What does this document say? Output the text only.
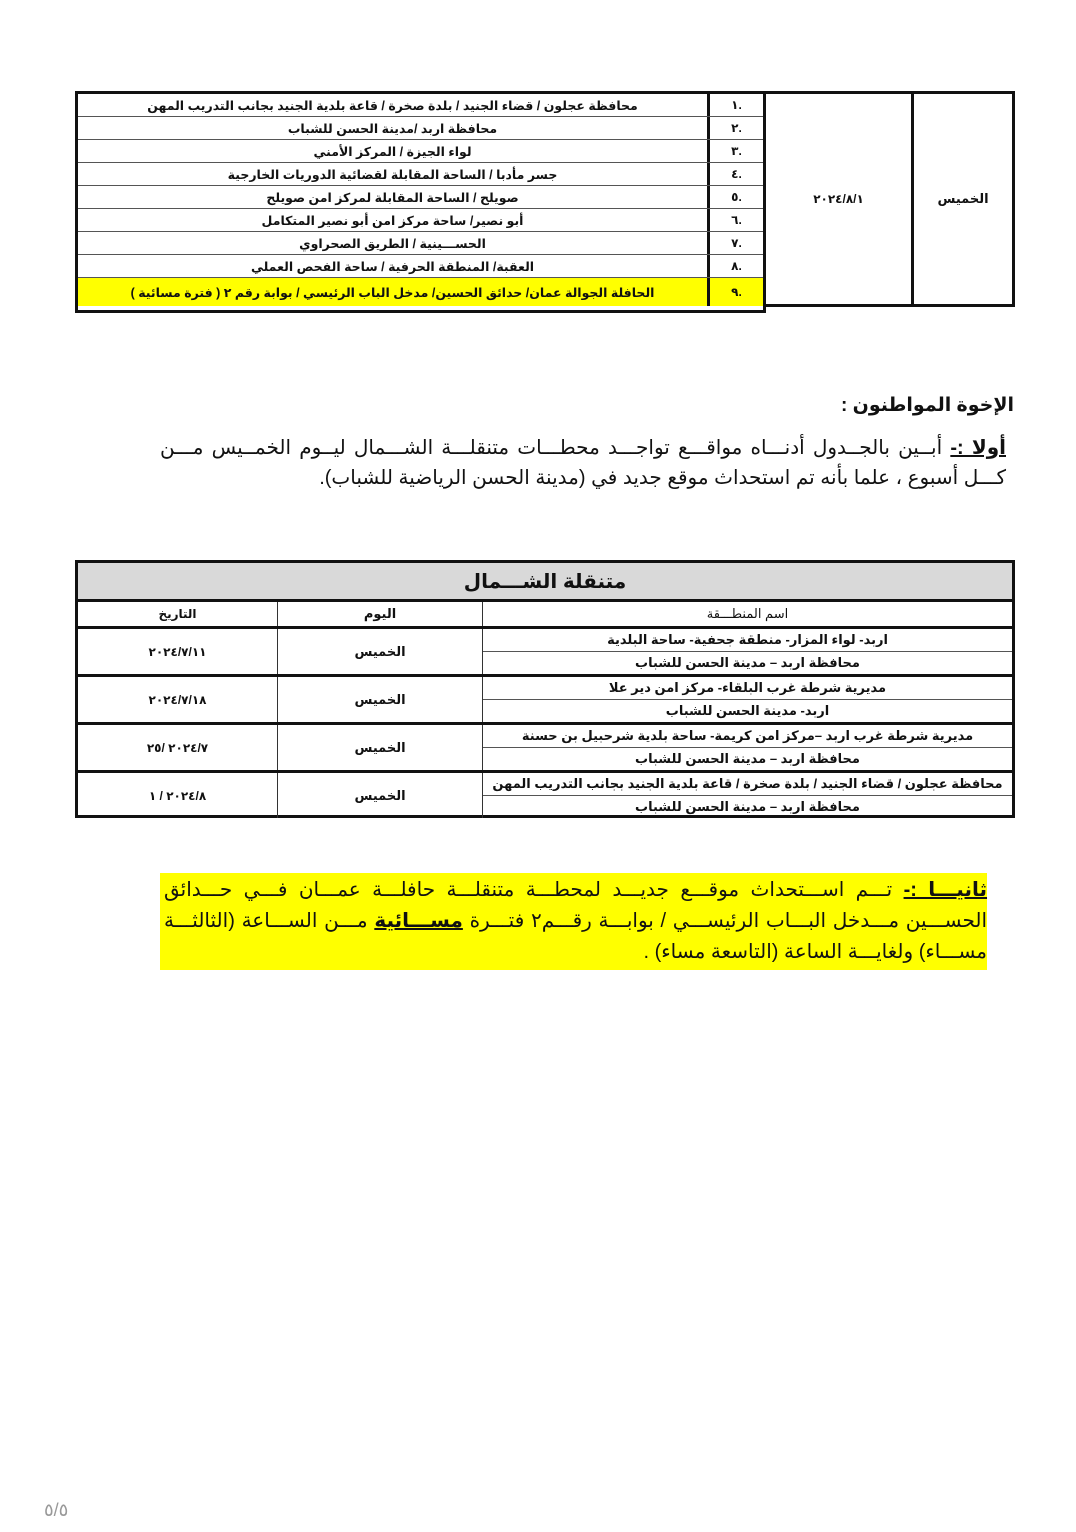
الخميس
٢٠٢٤/٨/١
.١
محافظة عجلون / قضاء الجنيد / بلدة صخرة / قاعة بلدية الجنيد بجانب التدريب المهن
.٢
محافظة اربد /مدينة الحسن للشباب
.٣
لواء الجيزة / المركز الأمني
.٤
جسر مأدبا / الساحة المقابلة لقضائية الدوريات الخارجية
.٥
صويلح / الساحة المقابلة لمركز امن صويلح
.٦
أبو نصير/ ساحة مركز امن أبو نصير المتكامل
.٧
الحســـينية / الطريق الصحراوي
.٨
العقبة/ المنطقة الحرفية / ساحة الفحص العملي
.٩
الحافلة الجوالة عمان/ حدائق الحسين/ مدخل الباب الرئيسي / بوابة رقم ٢ ( فترة مسائية )
الإخوة المواطنون :
أولا :- أبــين بالجــدول أدنـــاه مواقـــع تواجـــد محطـــات متنقلـــة الشـــمال ليــوم الخمــيس مـــن كـــل أسبوع ، علما بأنه تم استحداث موقع جديد في (مدينة الحسن الرياضية للشباب).
متنقلة الشـــمال
اسم المنطـــقة
اليوم
التاريخ
اربد- لواء المزار- منطقة جحفية- ساحة البلدية
محافظة اربد – مدينة الحسن للشباب
الخميس
٢٠٢٤/٧/١١
مديرية شرطة غرب البلقاء- مركز امن دير علا
اربد- مدينة الحسن للشباب
الخميس
٢٠٢٤/٧/١٨
مديرية شرطة غرب اربد –مركز امن كريمة- ساحة بلدية شرحبيل بن حسنة
محافظة اربد – مدينة الحسن للشباب
الخميس
٢٠٢٤/٧ /٢٥
محافظة عجلون / قضاء الجنيد / بلدة صخرة / قاعة بلدية الجنيد بجانب التدريب المهن
محافظة اربد – مدينة الحسن للشباب
الخميس
٢٠٢٤/٨ / ١
ثانيـــا :- تـــم اســـتحداث موقـــع جديـــد لمحطـــة متنقلـــة حافلـــة عمـــان فـــي حـــدائق الحســـين مـــدخل البـــاب الرئيســـي / بوابـــة رقـــم٢ فتـــرة مســـائية مـــن الســـاعة (الثالثـــة مســـاء) ولغايـــة الساعة (التاسعة مساء) .
٥/٥
